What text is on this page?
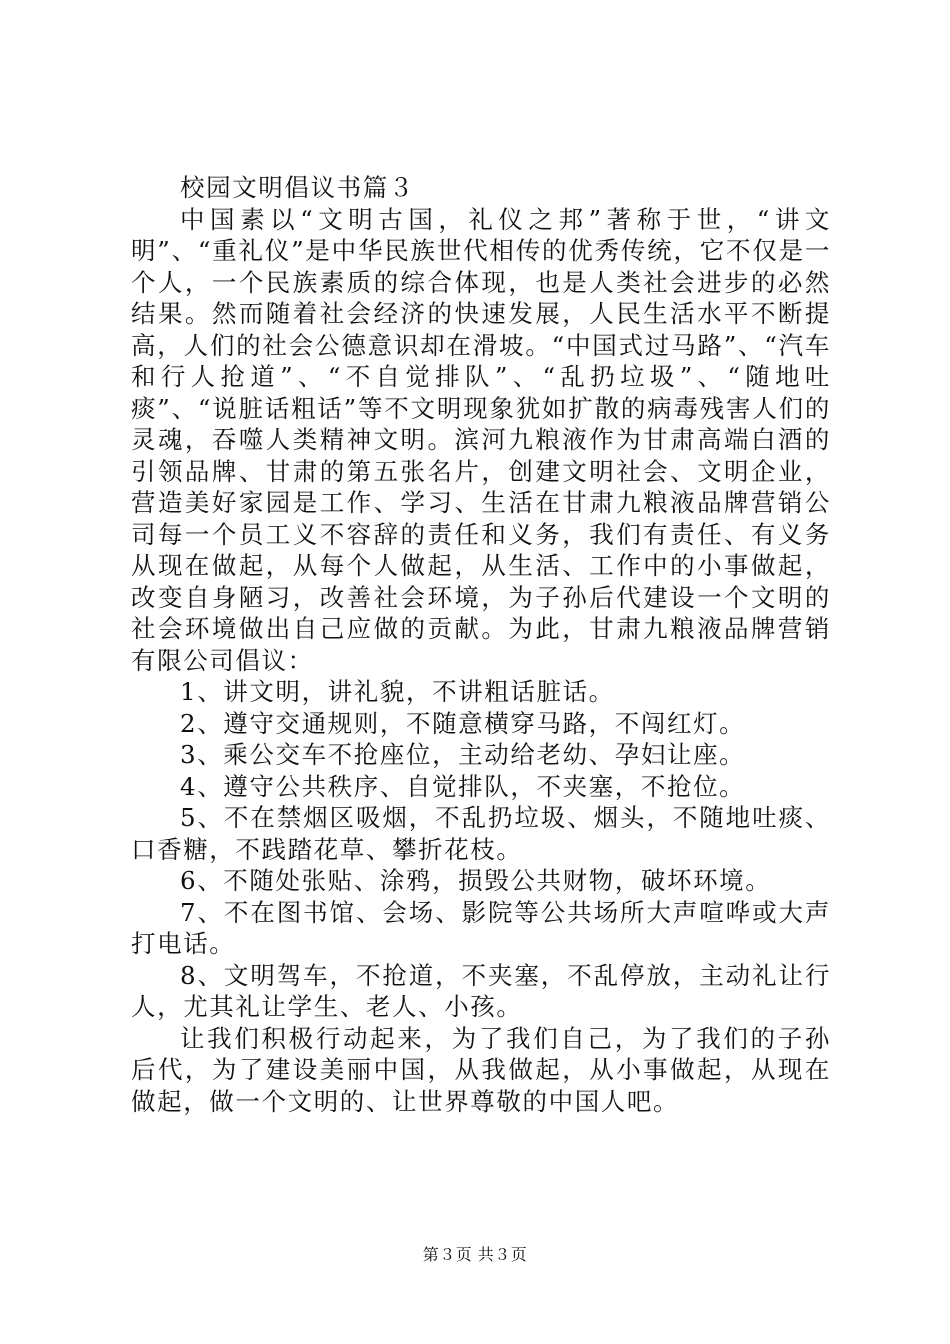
校园文明倡议书篇３

中国素以“文明古国，礼仪之邦”著称于世，“讲文明”、“重礼仪”是中华民族世代相传的优秀传统，它不仅是一个人，一个民族素质的综合体现，也是人类社会进步的必然结果。然而随着社会经济的快速发展，人民生活水平不断提高，人们的社会公德意识却在滑坡。“中国式过马路”、“汽车和行人抢道”、“不自觉排队”、“乱扔垃圾”、“随地吐痰”、“说脏话粗话”等不文明现象犹如扩散的病毒残害人们的灵魂，吞噬人类精神文明。滨河九粮液作为甘肃高端白酒的引领品牌、甘肃的第五张名片，创建文明社会、文明企业，营造美好家园是工作、学习、生活在甘肃九粮液品牌营销公司每一个员工义不容辞的责任和义务，我们有责任、有义务从现在做起，从每个人做起，从生活、工作中的小事做起，改变自身陋习，改善社会环境，为子孙后代建设一个文明的社会环境做出自己应做的贡献。为此，甘肃九粮液品牌营销有限公司倡议：

1、讲文明，讲礼貌，不讲粗话脏话。

2、遵守交通规则，不随意横穿马路，不闯红灯。

3、乘公交车不抢座位，主动给老幼、孕妇让座。

4、遵守公共秩序、自觉排队，不夹塞，不抢位。

5、不在禁烟区吸烟，不乱扔垃圾、烟头，不随地吐痰、口香糖，不践踏花草、攀折花枝。

6、不随处张贴、涂鸦，损毁公共财物，破坏环境。

7、不在图书馆、会场、影院等公共场所大声喧哗或大声打电话。

8、文明驾车，不抢道，不夹塞，不乱停放，主动礼让行人，尤其礼让学生、老人、小孩。

让我们积极行动起来，为了我们自己，为了我们的子孙后代，为了建设美丽中国，从我做起，从小事做起，从现在做起，做一个文明的、让世界尊敬的中国人吧。

第３页 共３页
